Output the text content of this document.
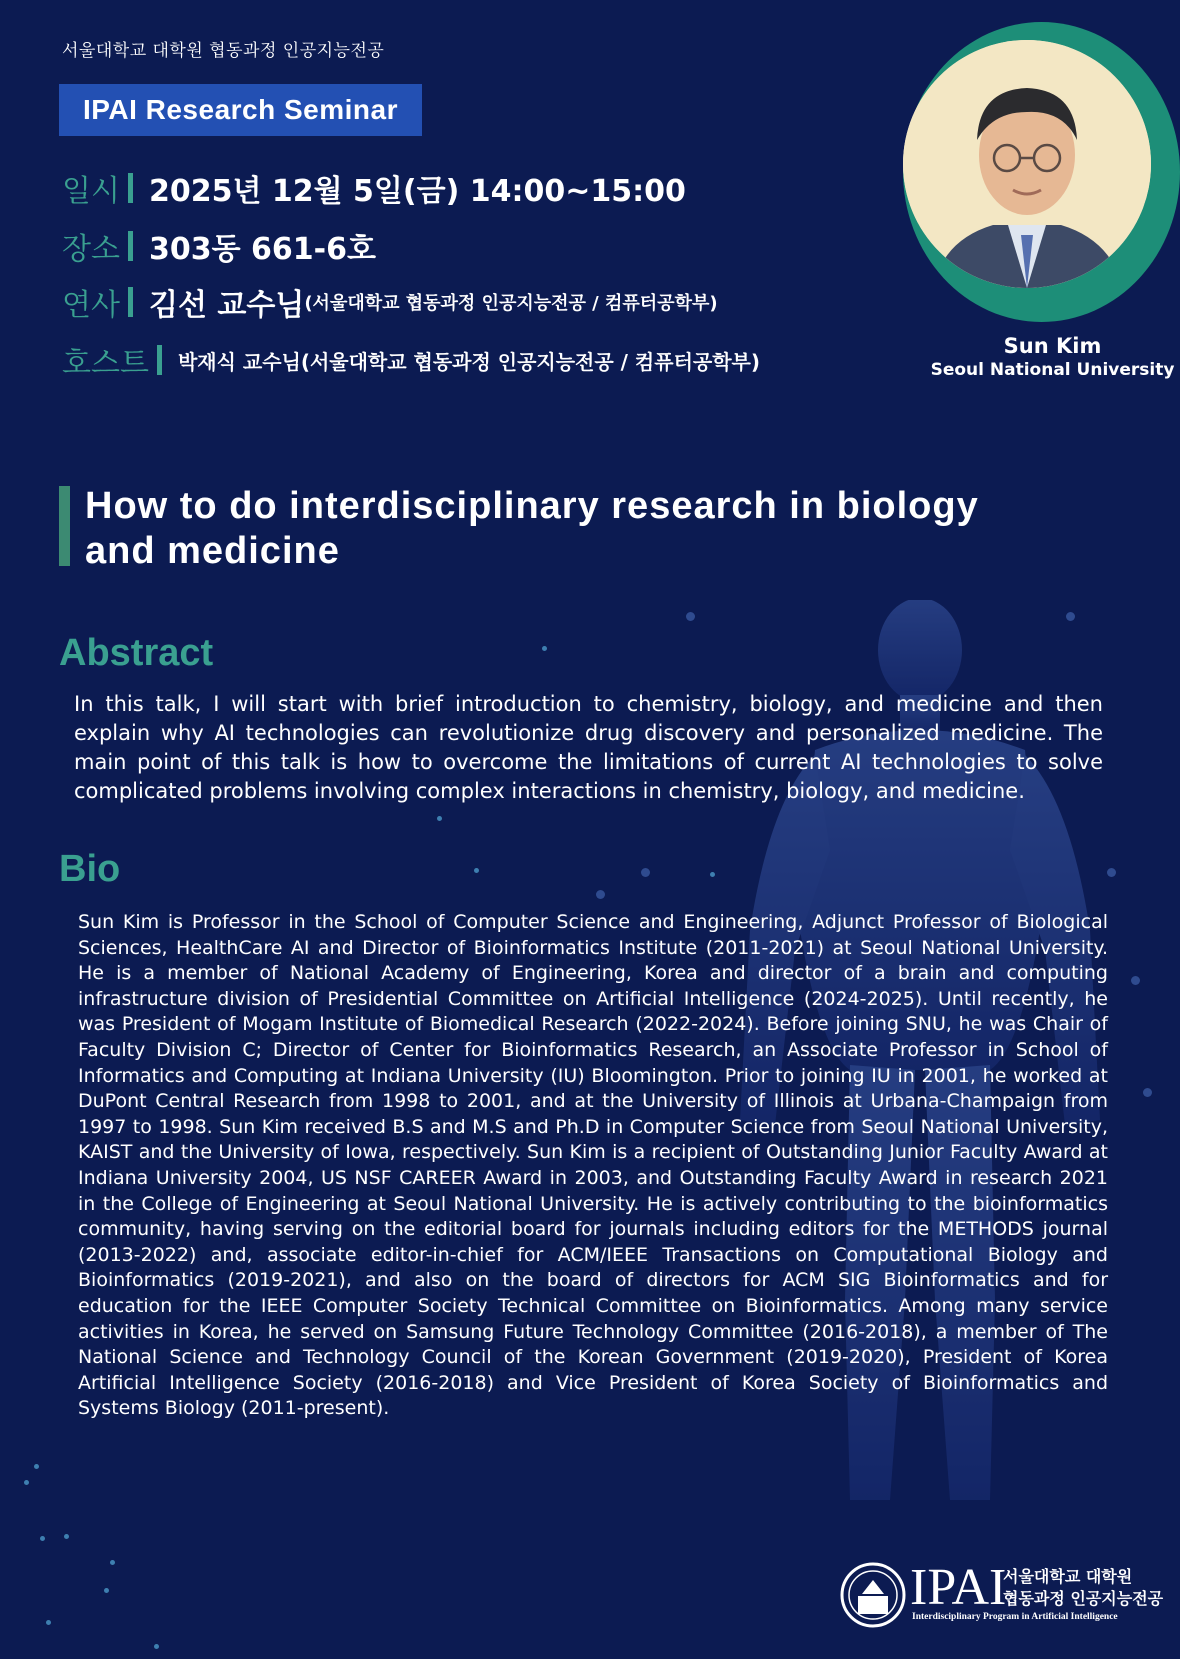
서울대학교 대학원 협동과정 인공지능전공
IPAI Research Seminar
일시 2025년 12월 5일(금) 14:00~15:00
장소 303동 661-6호
연사 김선 교수님 (서울대학교 협동과정 인공지능전공 / 컴퓨터공학부)
호스트 박재식 교수님(서울대학교 협동과정 인공지능전공 / 컴퓨터공학부)
Sun Kim
Seoul National University
How to do interdisciplinary research in biology and medicine
Abstract
In this talk, I will start with brief introduction to chemistry, biology, and medicine and then explain why AI technologies can revolutionize drug discovery and personalized medicine. The main point of this talk is how to overcome the limitations of current AI technologies to solve complicated problems involving complex interactions in chemistry, biology, and medicine.
Bio
Sun Kim is Professor in the School of Computer Science and Engineering, Adjunct Professor of Biological Sciences, HealthCare AI and Director of Bioinformatics Institute (2011-2021) at Seoul National University. He is a member of National Academy of Engineering, Korea and director of a brain and computing infrastructure division of Presidential Committee on Artificial Intelligence (2024-2025). Until recently, he was President of Mogam Institute of Biomedical Research (2022-2024). Before joining SNU, he was Chair of Faculty Division C; Director of Center for Bioinformatics Research, an Associate Professor in School of Informatics and Computing at Indiana University (IU) Bloomington. Prior to joining IU in 2001, he worked at DuPont Central Research from 1998 to 2001, and at the University of Illinois at Urbana-Champaign from 1997 to 1998. Sun Kim received B.S and M.S and Ph.D in Computer Science from Seoul National University, KAIST and the University of Iowa, respectively. Sun Kim is a recipient of Outstanding Junior Faculty Award at Indiana University 2004, US NSF CAREER Award in 2003, and Outstanding Faculty Award in research 2021 in the College of Engineering at Seoul National University. He is actively contributing to the bioinformatics community, having serving on the editorial board for journals including editors for the METHODS journal (2013-2022) and, associate editor-in-chief for ACM/IEEE Transactions on Computational Biology and Bioinformatics (2019-2021), and also on the board of directors for ACM SIG Bioinformatics and for education for the IEEE Computer Society Technical Committee on Bioinformatics. Among many service activities in Korea, he served on Samsung Future Technology Committee (2016-2018), a member of The National Science and Technology Council of the Korean Government (2019-2020), President of Korea Artificial Intelligence Society (2016-2018) and Vice President of Korea Society of Bioinformatics and Systems Biology (2011-present).
IPAI
서울대학교 대학원
협동과정 인공지능전공
Interdisciplinary Program in Artificial Intelligence
